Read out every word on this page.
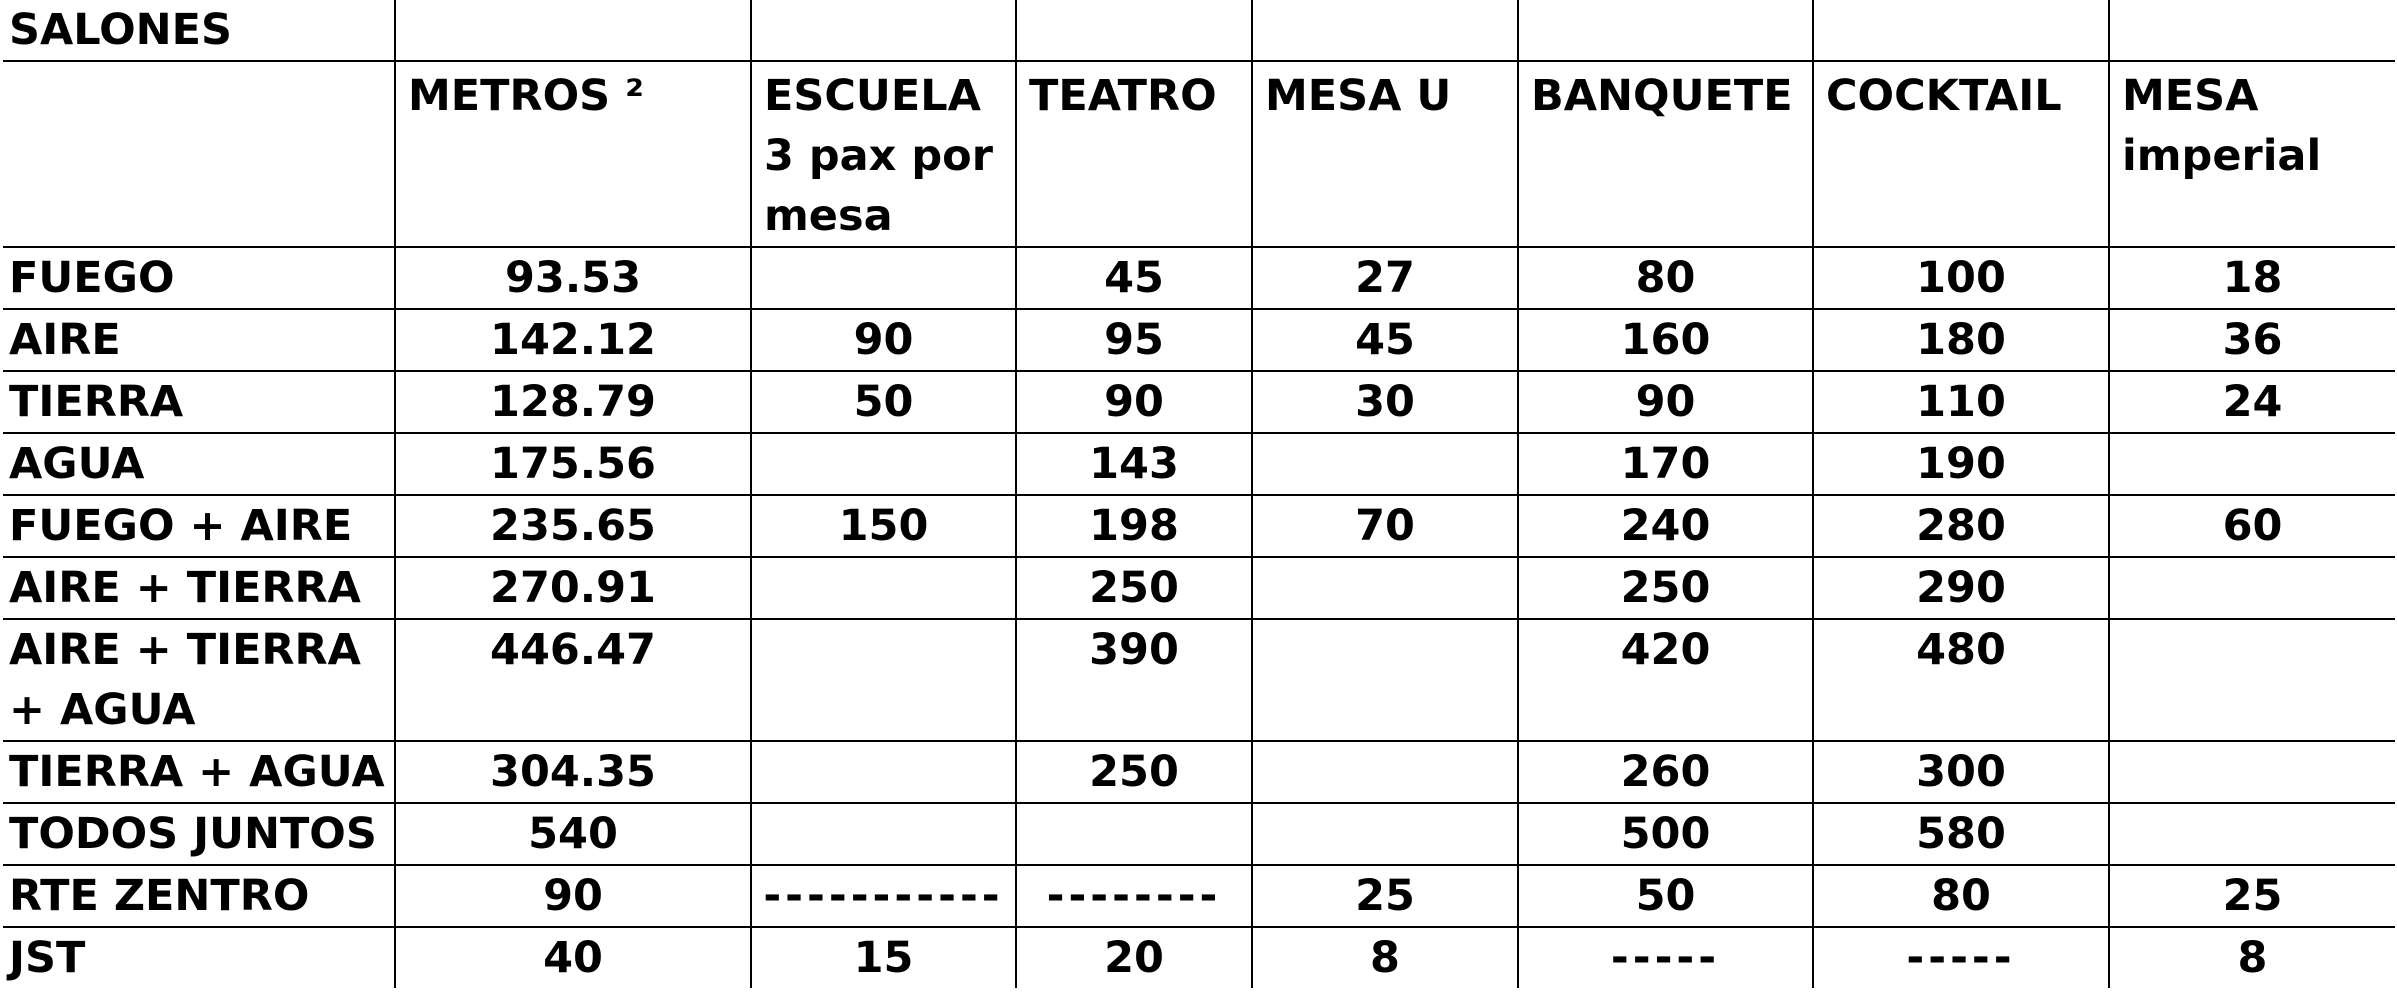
SALONES							
	METROS ²	ESCUELA 3 pax por mesa	TEATRO	MESA U	BANQUETE	COCKTAIL	MESA imperial
FUEGO	93.53		45	27	80	100	18
AIRE	142.12	90	95	45	160	180	36
TIERRA	128.79	50	90	30	90	110	24
AGUA	175.56		143		170	190	
FUEGO + AIRE	235.65	150	198	70	240	280	60
AIRE + TIERRA	270.91		250		250	290	
AIRE + TIERRA + AGUA	446.47		390		420	480	
TIERRA + AGUA	304.35		250		260	300	
TODOS JUNTOS	540				500	580	
RTE ZENTRO	90	-----------	--------	25	50	80	25
JST	40	15	20	8	-----	-----	8
